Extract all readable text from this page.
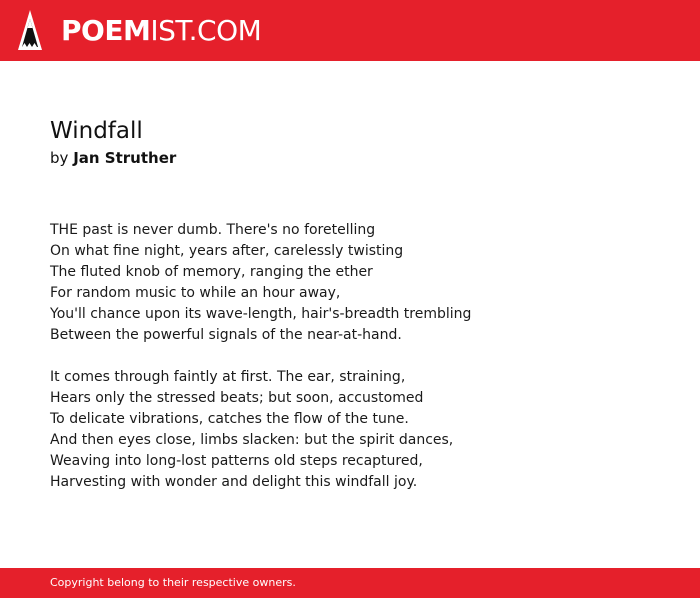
POEMIST.COM
Windfall
by Jan Struther

THE past is never dumb. There's no foretelling
On what fine night, years after, carelessly twisting
The fluted knob of memory, ranging the ether
For random music to while an hour away,
You'll chance upon its wave-length, hair's-breadth trembling
Between the powerful signals of the near-at-hand.

It comes through faintly at first. The ear, straining,
Hears only the stressed beats; but soon, accustomed
To delicate vibrations, catches the flow of the tune.
And then eyes close, limbs slacken: but the spirit dances,
Weaving into long-lost patterns old steps recaptured,
Harvesting with wonder and delight this windfall joy.

Copyright belong to their respective owners.
